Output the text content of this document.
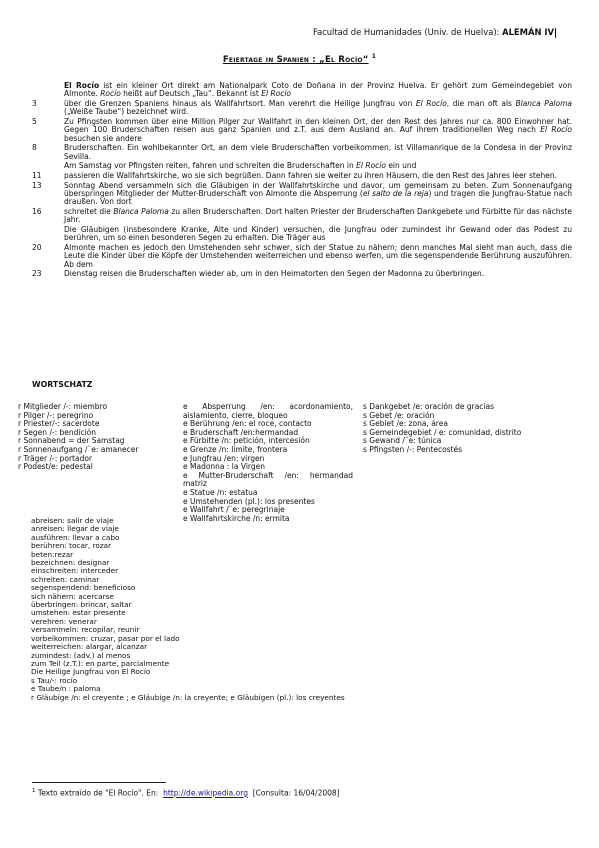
Facultad de Humanidades (Univ. de Huelva): ALEMÁN IV
Feiertage in Spanien : „El Rocío“ $^1$
El Rocío ist ein kleiner Ort direkt am Nationalpark Coto de Doñana in der Provinz Huelva. Er gehört zum Gemeindegebiet von Almonte. Rocío heißt auf Deutsch „Tau“. Bekannt ist El Rocío
3	über die Grenzen Spaniens hinaus als Wallfahrtsort. Man verehrt die Heilige Jungfrau von El Rocío, die man oft als Blanca Paloma („Weiße Taube“) bezeichnet wird.
5	Zu Pfingsten kommen über eine Million Pilger zur Wallfahrt in den kleinen Ort, der den Rest des Jahres nur ca. 800 Einwohner hat. Gegen 100 Bruderschaften reisen aus ganz Spanien und z.T. aus dem Ausland an. Auf ihrem traditionellen Weg nach El Rocío besuchen sie andere
8	Bruderschaften. Ein wohlbekannter Ort, an dem viele Bruderschaften vorbeikommen, ist Villamanrique de la Condesa in der Provinz Sevilla.
Am Samstag vor Pfingsten reiten, fahren und schreiten die Bruderschaften in El Rocío ein und
11	passieren die Wallfahrtskirche, wo sie sich begrüßen. Dann fahren sie weiter zu ihren Häusern, die den Rest des Jahres leer stehen.
13	Sonntag Abend versammeln sich die Gläubigen in der Wallfahrtskirche und davor, um gemeinsam zu beten. Zum Sonnenaufgang überspringen Mitglieder der Mutter-Bruderschaft von Almonte die Absperrung (el salto de la reja) und tragen die Jungfrau-Statue nach draußen. Von dort
16	schreitet die Blanca Paloma zu allen Bruderschaften. Dort halten Priester der Bruderschaften Dankgebete und Fürbitte für das nächste Jahr.
Die Gläubigen (insbesondere Kranke, Alte und Kinder) versuchen, die Jungfrau oder zumindest ihr Gewand oder das Podest zu berühren, um so einen besonderen Segen zu erhalten. Die Träger aus
20	Almonte machen es jedoch den Umstehenden sehr schwer, sich der Statue zu nähern; denn manches Mal sieht man auch, dass die Leute die Kinder über die Köpfe der Umstehenden weiterreichen und ebenso werfen, um die segenspendende Berührung auszuführen. Ab dem
23	Dienstag reisen die Bruderschaften wieder ab, um in den Heimatorten den Segen der Madonna zu überbringen.
WORTSCHATZ
r Mitglieder /-: miembro
r Pilger /-: peregrino
r Priester/-: sacerdote
r Segen /-: bendición
r Sonnabend = der Samstag
r Sonnenaufgang /¨e: amanecer
r Träger /-: portador
r Podest/e: pedestal
e Absperrung /en: acordonamiento, aislamiento, cierre, bloqueo
e Berührung /en: el roce, contacto
e Bruderschaft /en:hermandad
e Fürbitte /n: petición, intercesión
e Grenze /n: límite, frontera
e Jungfrau /en: virgen
e Madonna : la Virgen
e Mutter-Bruderschaft /en: hermandad matriz
e Statue /n: estatua
e Umstehenden (pl.): los presentes
e Wallfahrt /¨e: peregrinaje
e Wallfahrtskirche /n: ermita
s Dankgebet /e: oración de gracias
s Gebet /e: oración
s Gebiet /e: zona, área
s Gemeindegebiet / e: comunidad, distrito
s Gewand /¨e: túnica
s Pfingsten /-: Pentecostés
abreisen: salir de viaje
anreisen: llegar de viaje
ausführen: llevar a cabo
berühren: tocar, rozar
beten:rezar
bezeichnen: designar
einschreiten: interceder
schreiten: caminar
segenspendend: beneficioso
sich nähern: acercarse
überbringen: brincar, saltar
umstehen: estar presente
verehren: venerar
versammeln: recopilar, reunir
vorbeikommen: cruzar, pasar por el lado
weiterreichen: alargar, alcanzar
zumindest: (adv.) al menos
zum Teil (z.T.): en parte, parcialmente
Die Heilige Jungfrau von El Rocío
s Tau/-: rocío
e Taube/n : paloma
r Gläubige /n: el creyente ; e Gläubige /n: la creyente; e Gläubigen (pl.): los creyentes
$^1$ Texto extraído de "El Rocío". En: http://de.wikipedia.org [Consulta: 16/04/2008]
